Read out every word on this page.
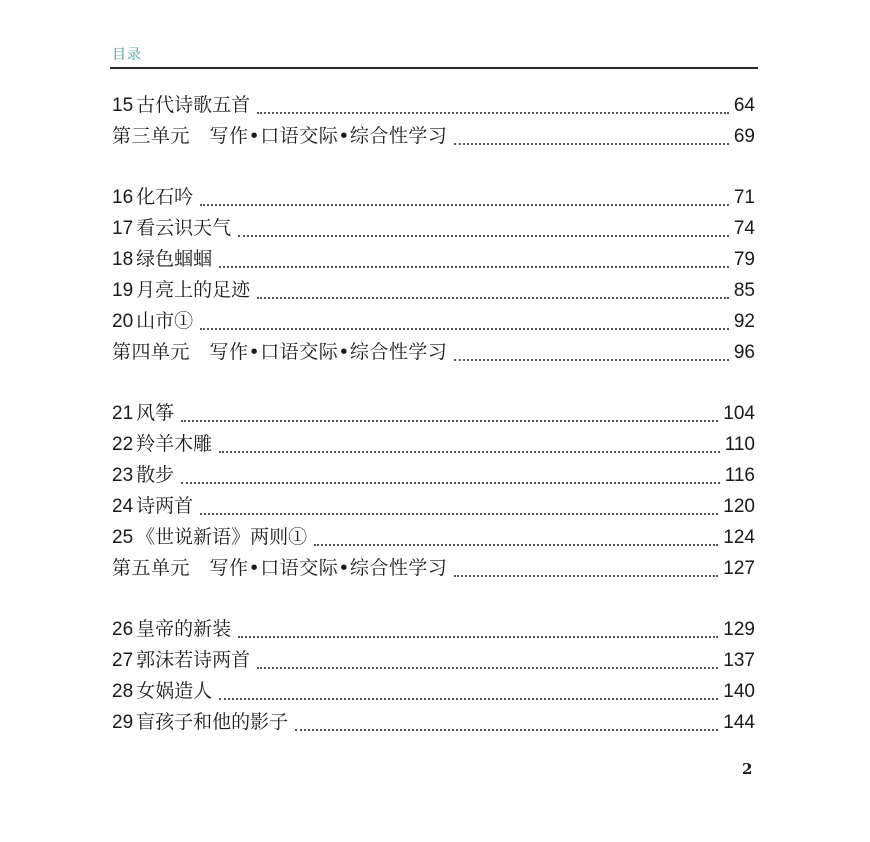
目录
15 古代诗歌五首	64
第三单元　写作•口语交际•综合性学习	69
16 化石吟	71
17 看云识天气	74
18 绿色蝈蝈	79
19 月亮上的足迹	85
20 山市①	92
第四单元　写作•口语交际•综合性学习	96
21 风筝	104
22 羚羊木雕	110
23 散步	116
24 诗两首	120
25 《世说新语》两则①	124
第五单元　写作•口语交际•综合性学习	127
26 皇帝的新装	129
27 郭沫若诗两首	137
28 女娲造人	140
29 盲孩子和他的影子	144
2
